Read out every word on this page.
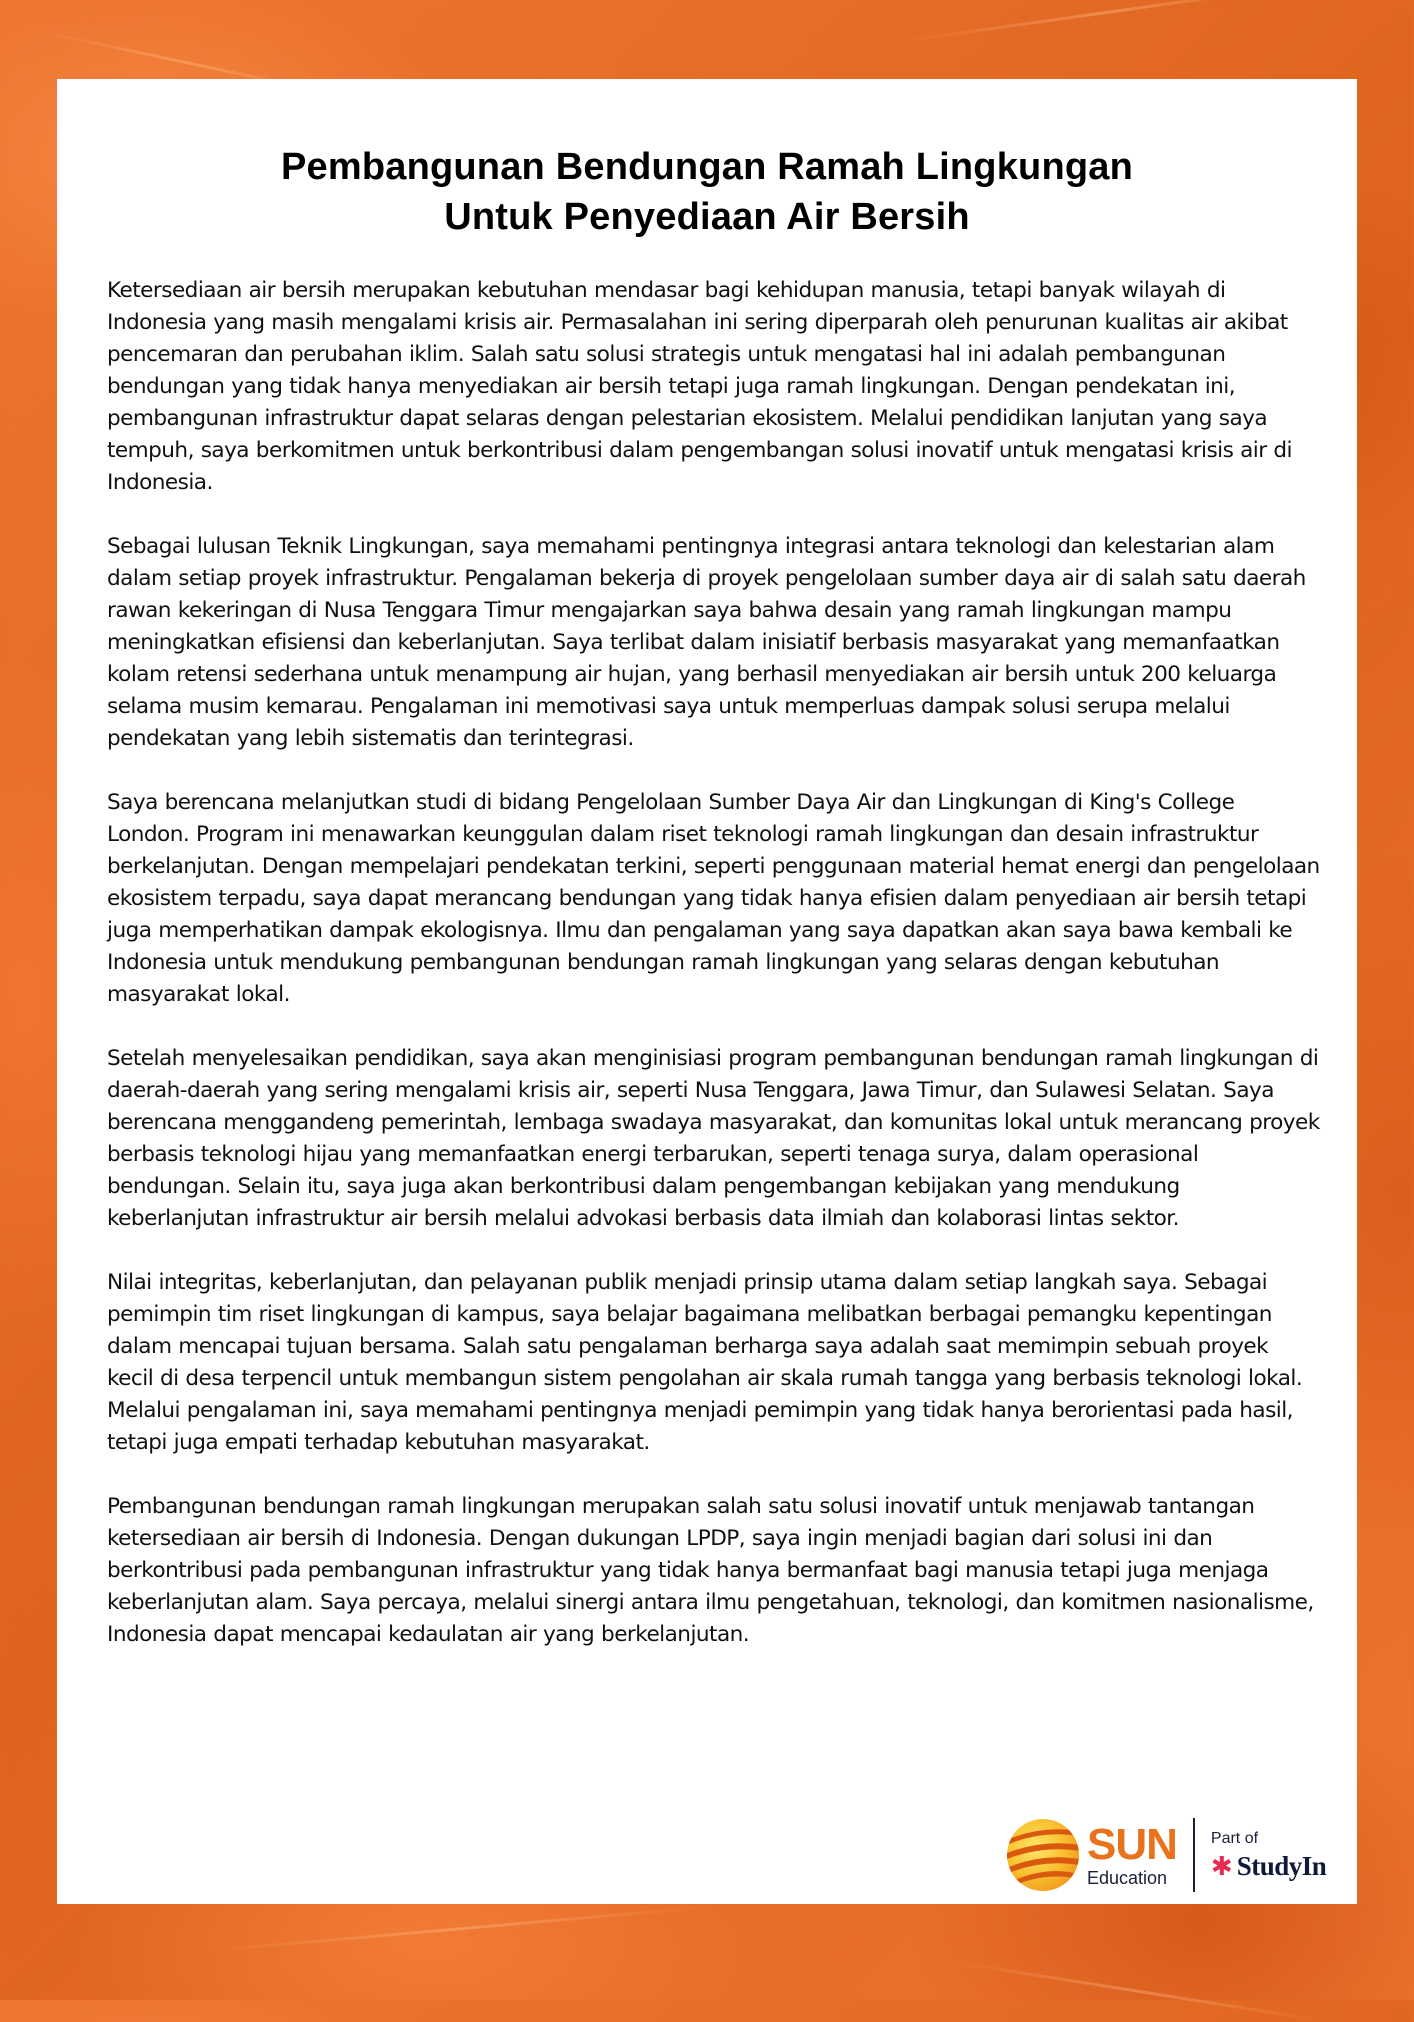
Pembangunan Bendungan Ramah Lingkungan
Untuk Penyediaan Air Bersih

Ketersediaan air bersih merupakan kebutuhan mendasar bagi kehidupan manusia, tetapi banyak wilayah di Indonesia yang masih mengalami krisis air. Permasalahan ini sering diperparah oleh penurunan kualitas air akibat pencemaran dan perubahan iklim. Salah satu solusi strategis untuk mengatasi hal ini adalah pembangunan bendungan yang tidak hanya menyediakan air bersih tetapi juga ramah lingkungan. Dengan pendekatan ini, pembangunan infrastruktur dapat selaras dengan pelestarian ekosistem. Melalui pendidikan lanjutan yang saya tempuh, saya berkomitmen untuk berkontribusi dalam pengembangan solusi inovatif untuk mengatasi krisis air di Indonesia.

Sebagai lulusan Teknik Lingkungan, saya memahami pentingnya integrasi antara teknologi dan kelestarian alam dalam setiap proyek infrastruktur. Pengalaman bekerja di proyek pengelolaan sumber daya air di salah satu daerah rawan kekeringan di Nusa Tenggara Timur mengajarkan saya bahwa desain yang ramah lingkungan mampu meningkatkan efisiensi dan keberlanjutan. Saya terlibat dalam inisiatif berbasis masyarakat yang memanfaatkan kolam retensi sederhana untuk menampung air hujan, yang berhasil menyediakan air bersih untuk 200 keluarga selama musim kemarau. Pengalaman ini memotivasi saya untuk memperluas dampak solusi serupa melalui pendekatan yang lebih sistematis dan terintegrasi.

Saya berencana melanjutkan studi di bidang Pengelolaan Sumber Daya Air dan Lingkungan di King's College London. Program ini menawarkan keunggulan dalam riset teknologi ramah lingkungan dan desain infrastruktur berkelanjutan. Dengan mempelajari pendekatan terkini, seperti penggunaan material hemat energi dan pengelolaan ekosistem terpadu, saya dapat merancang bendungan yang tidak hanya efisien dalam penyediaan air bersih tetapi juga memperhatikan dampak ekologisnya. Ilmu dan pengalaman yang saya dapatkan akan saya bawa kembali ke Indonesia untuk mendukung pembangunan bendungan ramah lingkungan yang selaras dengan kebutuhan masyarakat lokal.

Setelah menyelesaikan pendidikan, saya akan menginisiasi program pembangunan bendungan ramah lingkungan di daerah-daerah yang sering mengalami krisis air, seperti Nusa Tenggara, Jawa Timur, dan Sulawesi Selatan. Saya berencana menggandeng pemerintah, lembaga swadaya masyarakat, dan komunitas lokal untuk merancang proyek berbasis teknologi hijau yang memanfaatkan energi terbarukan, seperti tenaga surya, dalam operasional bendungan. Selain itu, saya juga akan berkontribusi dalam pengembangan kebijakan yang mendukung keberlanjutan infrastruktur air bersih melalui advokasi berbasis data ilmiah dan kolaborasi lintas sektor.

Nilai integritas, keberlanjutan, dan pelayanan publik menjadi prinsip utama dalam setiap langkah saya. Sebagai pemimpin tim riset lingkungan di kampus, saya belajar bagaimana melibatkan berbagai pemangku kepentingan dalam mencapai tujuan bersama. Salah satu pengalaman berharga saya adalah saat memimpin sebuah proyek kecil di desa terpencil untuk membangun sistem pengolahan air skala rumah tangga yang berbasis teknologi lokal. Melalui pengalaman ini, saya memahami pentingnya menjadi pemimpin yang tidak hanya berorientasi pada hasil, tetapi juga empati terhadap kebutuhan masyarakat.

Pembangunan bendungan ramah lingkungan merupakan salah satu solusi inovatif untuk menjawab tantangan ketersediaan air bersih di Indonesia. Dengan dukungan LPDP, saya ingin menjadi bagian dari solusi ini dan berkontribusi pada pembangunan infrastruktur yang tidak hanya bermanfaat bagi manusia tetapi juga menjaga keberlanjutan alam. Saya percaya, melalui sinergi antara ilmu pengetahuan, teknologi, dan komitmen nasionalisme, Indonesia dapat mencapai kedaulatan air yang berkelanjutan.

SUN
Education
Part of
✱ StudyIn
